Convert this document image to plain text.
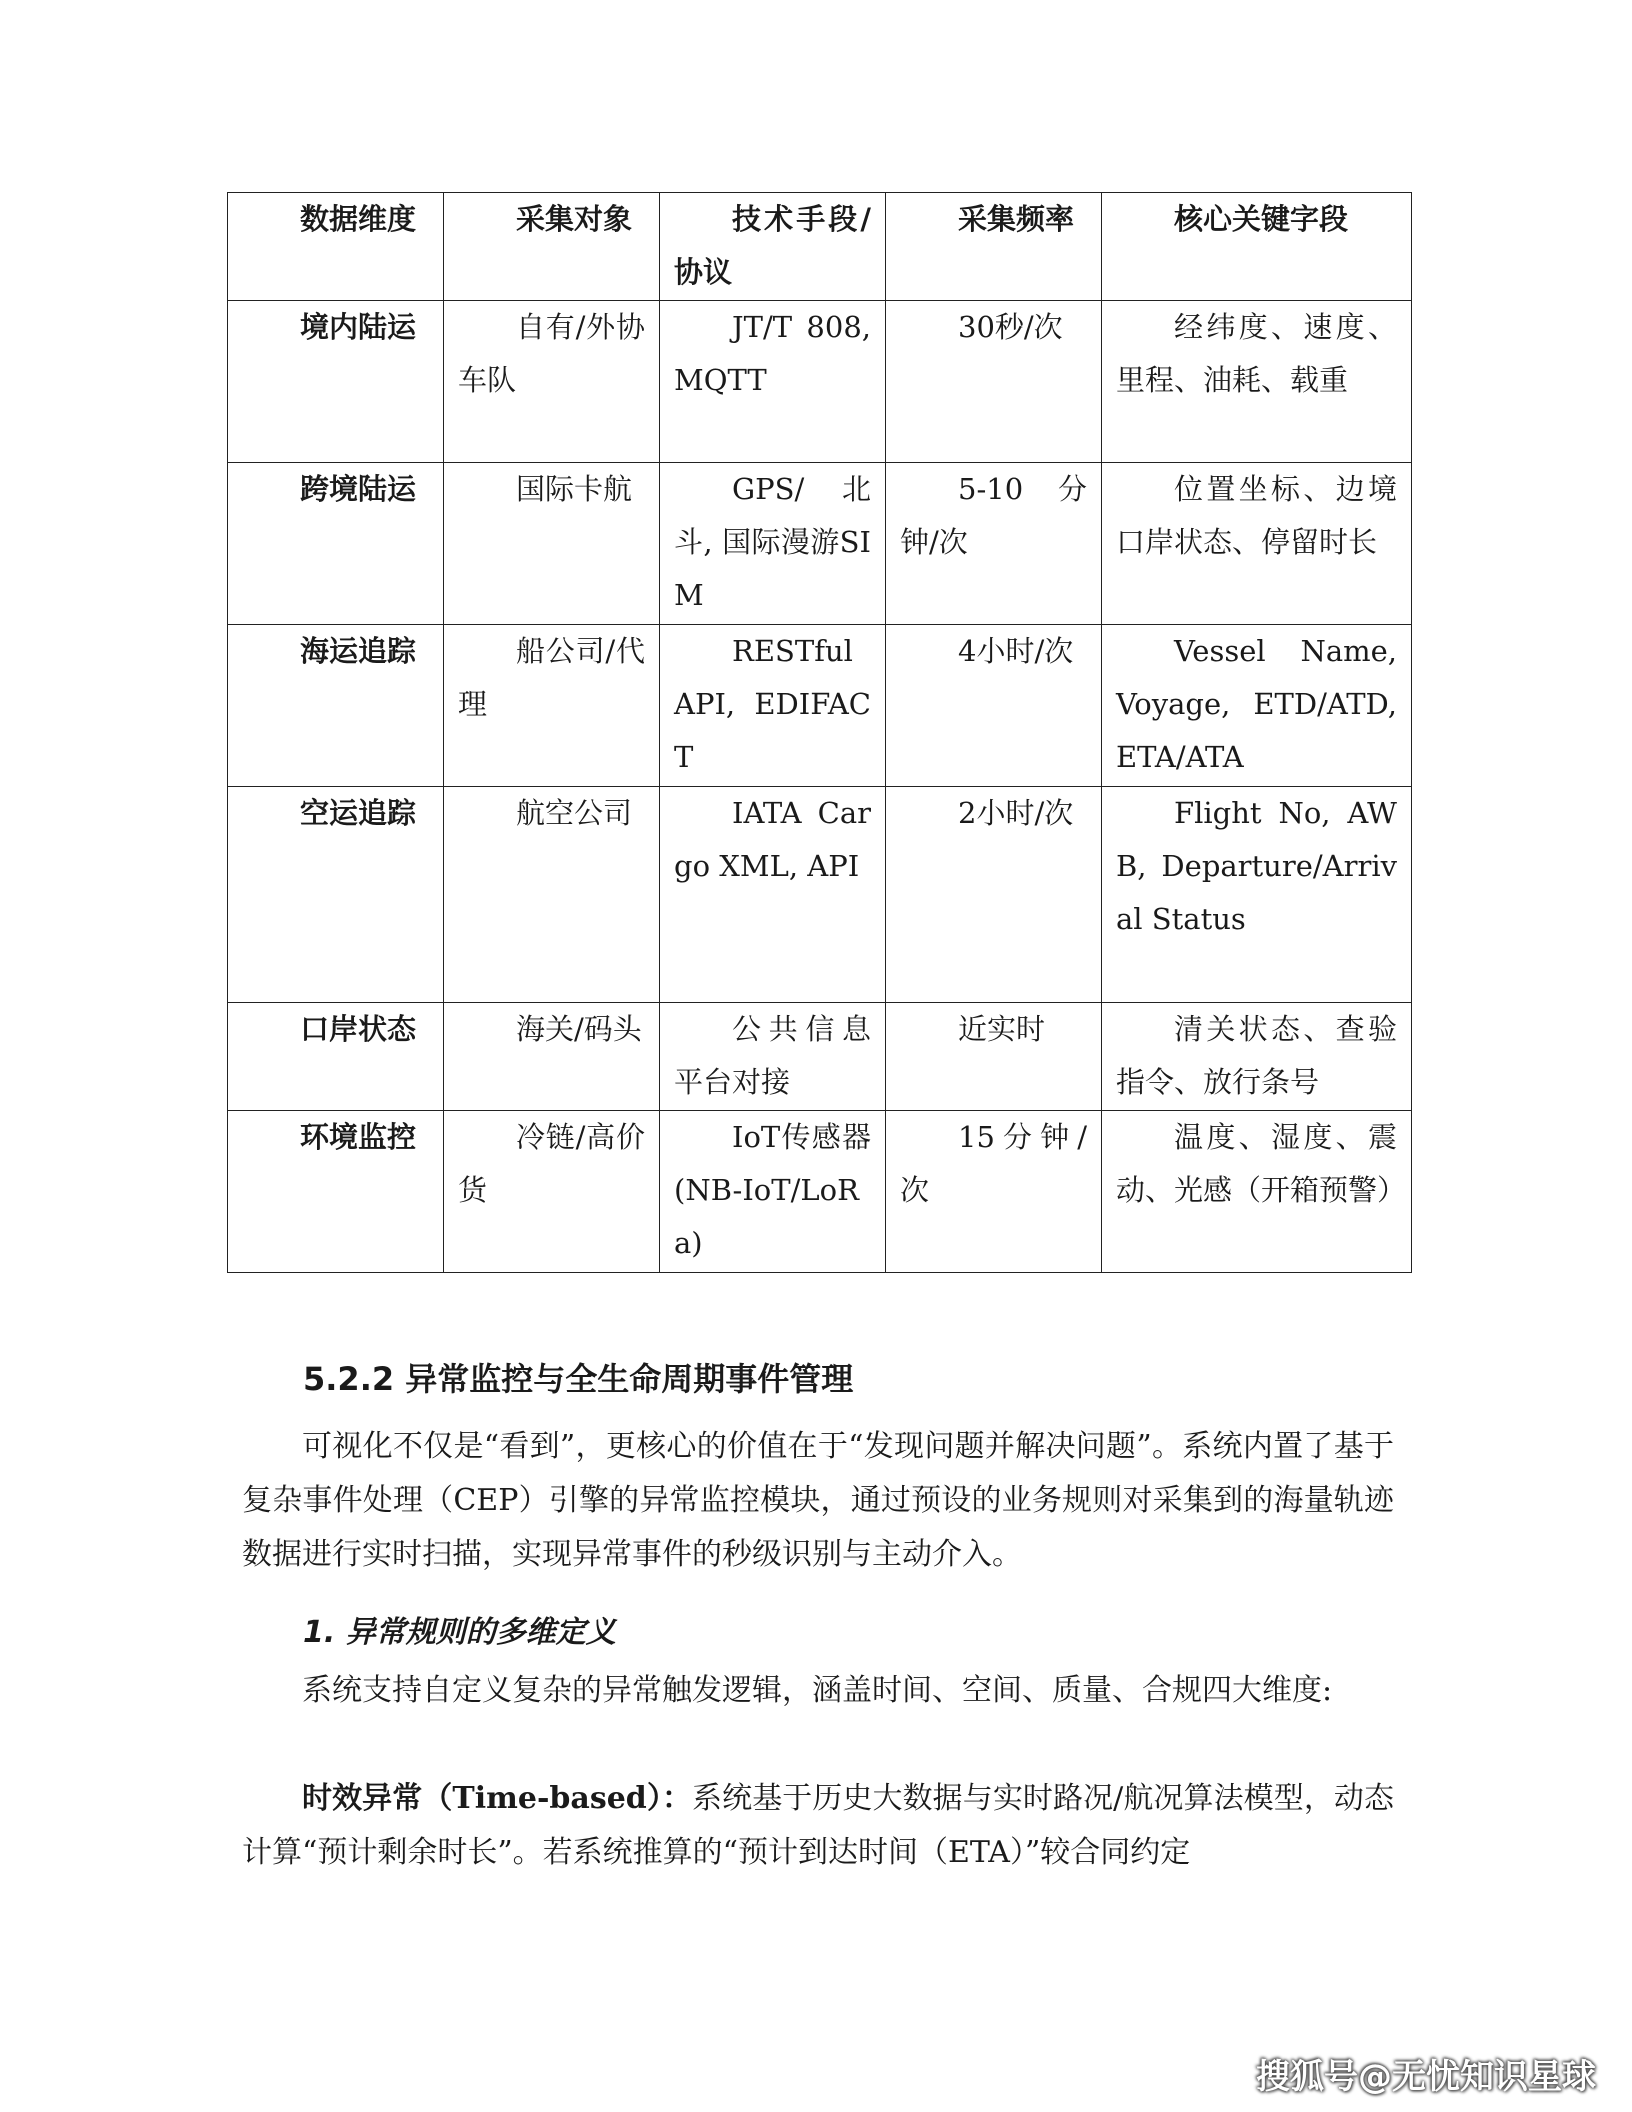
数据维度	采集对象	技术手段/协议	采集频率	核心关键字段
境内陆运	自有/外协车队	JT/T 808, MQTT	30秒/次	经纬度、速度、里程、油耗、载重
跨境陆运	国际卡航	GPS/北斗, 国际漫游SIM	5-10分钟/次	位置坐标、边境口岸状态、停留时长
海运追踪	船公司/代理	RESTful API, EDIFACT	4小时/次	Vessel Name, Voyage, ETD/ATD, ETA/ATA
空运追踪	航空公司	IATA Cargo XML, API	2小时/次	Flight No, AWB, Departure/Arrival Status
口岸状态	海关/码头	公共信息平台对接	近实时	清关状态、查验指令、放行条号
环境监控	冷链/高价货	IoT传感器 (NB-IoT/LoRa)	15分钟/次	温度、湿度、震动、光感（开箱预警）
5.2.2 异常监控与全生命周期事件管理

可视化不仅是“看到”，更核心的价值在于“发现问题并解决问题”。系统内置了基于复杂事件处理（CEP）引擎的异常监控模块，通过预设的业务规则对采集到的海量轨迹数据进行实时扫描，实现异常事件的秒级识别与主动介入。

1. 异常规则的多维定义

系统支持自定义复杂的异常触发逻辑，涵盖时间、空间、质量、合规四大维度:

时效异常（Time-based）：系统基于历史大数据与实时路况/航况算法模型，动态计算“预计剩余时长”。若系统推算的“预计到达时间（ETA）”较合同约定

搜狐号@无忧知识星球
